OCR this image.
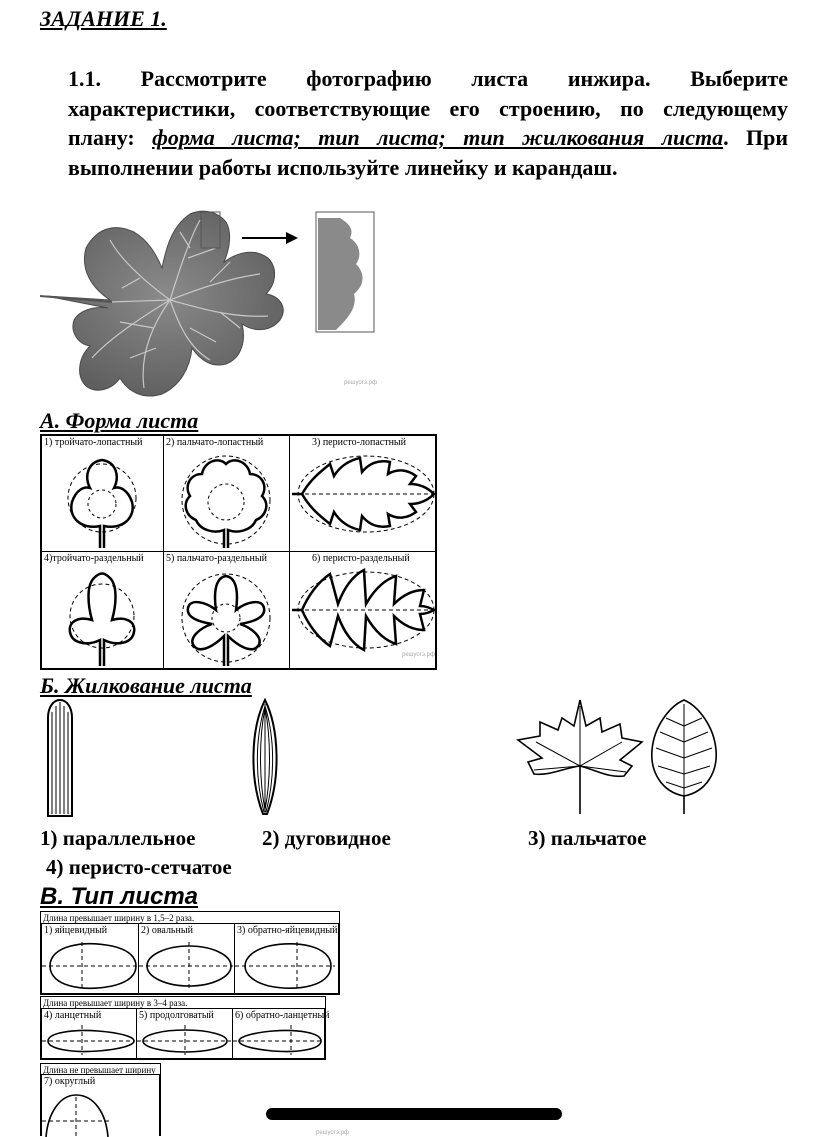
ЗАДАНИЕ 1.
1.1. Рассмотрите фотографию листа инжира. Выберите характеристики, соответствующие его строению, по следующему плану: форма листа; тип листа; тип жилкования листа. При выполнении работы используйте линейку и карандаш.
решуогэ.рф
А. Форма листа
1) тройчато-лопастный 2) пальчато-лопастный	3) перисто-лопастный
4)тройчато-раздельный 5) пальчато-раздельный	6) перисто-раздельный
решуогэ.рф
Б. Жилкование листа
1) параллельное	2) дуговидное	3) пальчатое
4) перисто-сетчатое
В. Тип листа
Длина превышает ширину в 1,5–2 раза.
1) яйцевидный	2) овальный	3) обратно-яйцевидный
Длина превышает ширину в 3–4 раза.
4) ланцетный	5) продолговатый 6) обратно-ланцетный
Длина не превышает ширину
7) округлый
решуогэ.рф
